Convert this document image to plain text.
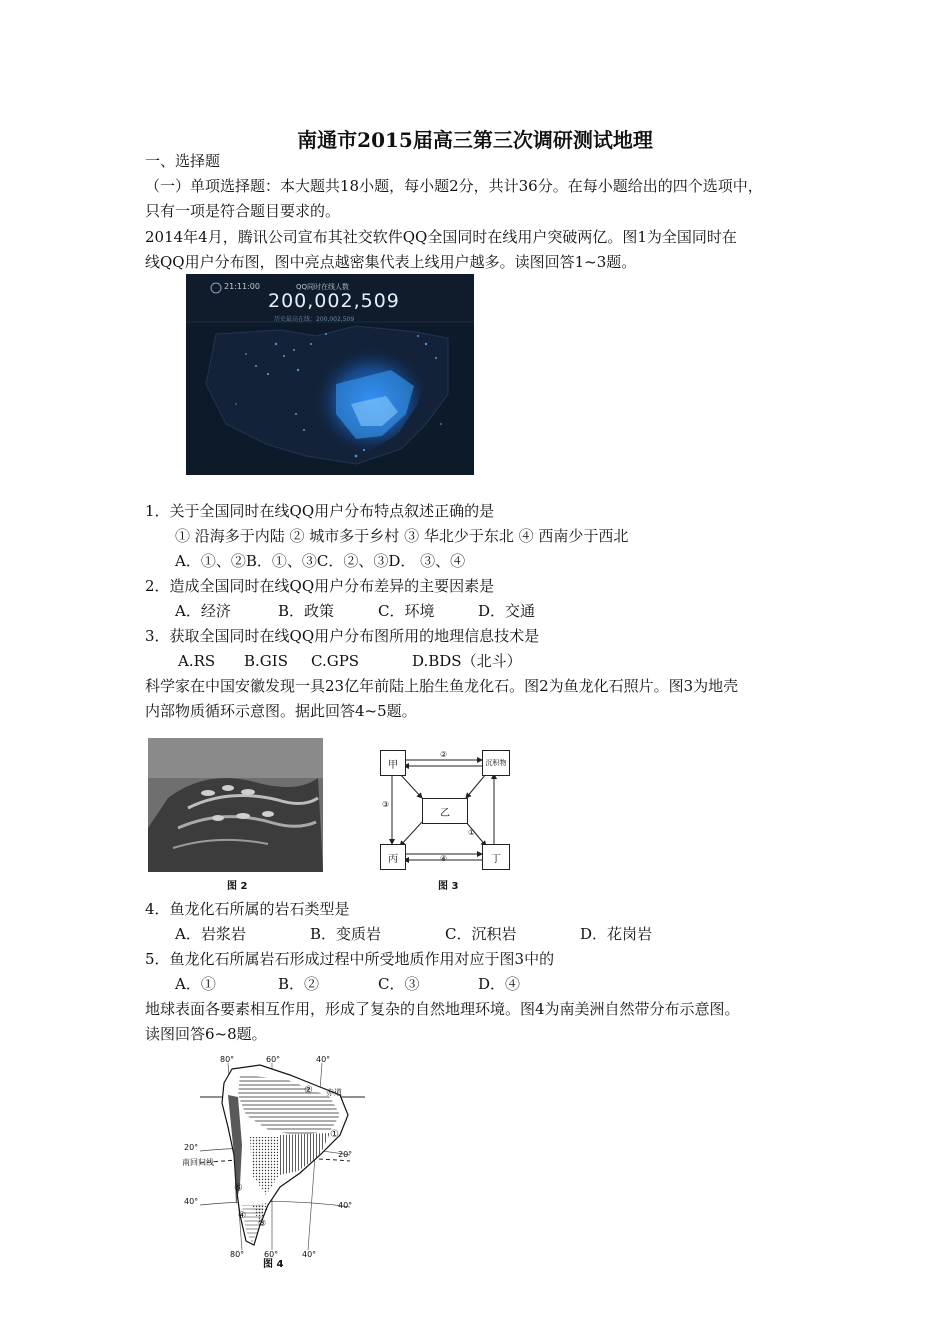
南通市2015届高三第三次调研测试地理
一、选择题
（一）单项选择题：本大题共18小题，每小题2分，共计36分。在每小题给出的四个选项中，
只有一项是符合题目要求的。
2014年4月，腾讯公司宣布其社交软件QQ全国同时在线用户突破两亿。图1为全国同时在
线QQ用户分布图，图中亮点越密集代表上线用户越多。读图回答1~3题。
21:11:00	QQ同时在线人数
200,002,509
历史最高在线：200,002,509
1．关于全国同时在线QQ用户分布特点叙述正确的是
① 沿海多于内陆 ② 城市多于乡村 ③ 华北少于东北 ④ 西南少于西北
A．①、②B．①、③C．②、③D． ③、④
2．造成全国同时在线QQ用户分布差异的主要因素是
A．经济	B．政策	C．环境	D．交通
3．获取全国同时在线QQ用户分布图所用的地理信息技术是
A.RS B.GIS C.GPS	D.BDS（北斗）
科学家在中国安徽发现一具23亿年前陆上胎生鱼龙化石。图2为鱼龙化石照片。图3为地壳
内部物质循环示意图。据此回答4~5题。
图 2
甲	沉积物
乙
丙	丁
②
③
①
④
图 3
4．鱼龙化石所属的岩石类型是
A．岩浆岩	B．变质岩	C．沉积岩	D．花岗岩
5．鱼龙化石所属岩石形成过程中所受地质作用对应于图3中的
A．①	B．②	C．③	D．④
地球表面各要素相互作用，形成了复杂的自然地理环境。图4为南美洲自然带分布示意图。
读图回答6~8题。
80°	60°	40°
80° 60°	40°
20°
40°
20°
40°
赤道
南回归线
①
②
③
④
⑤
图 4
